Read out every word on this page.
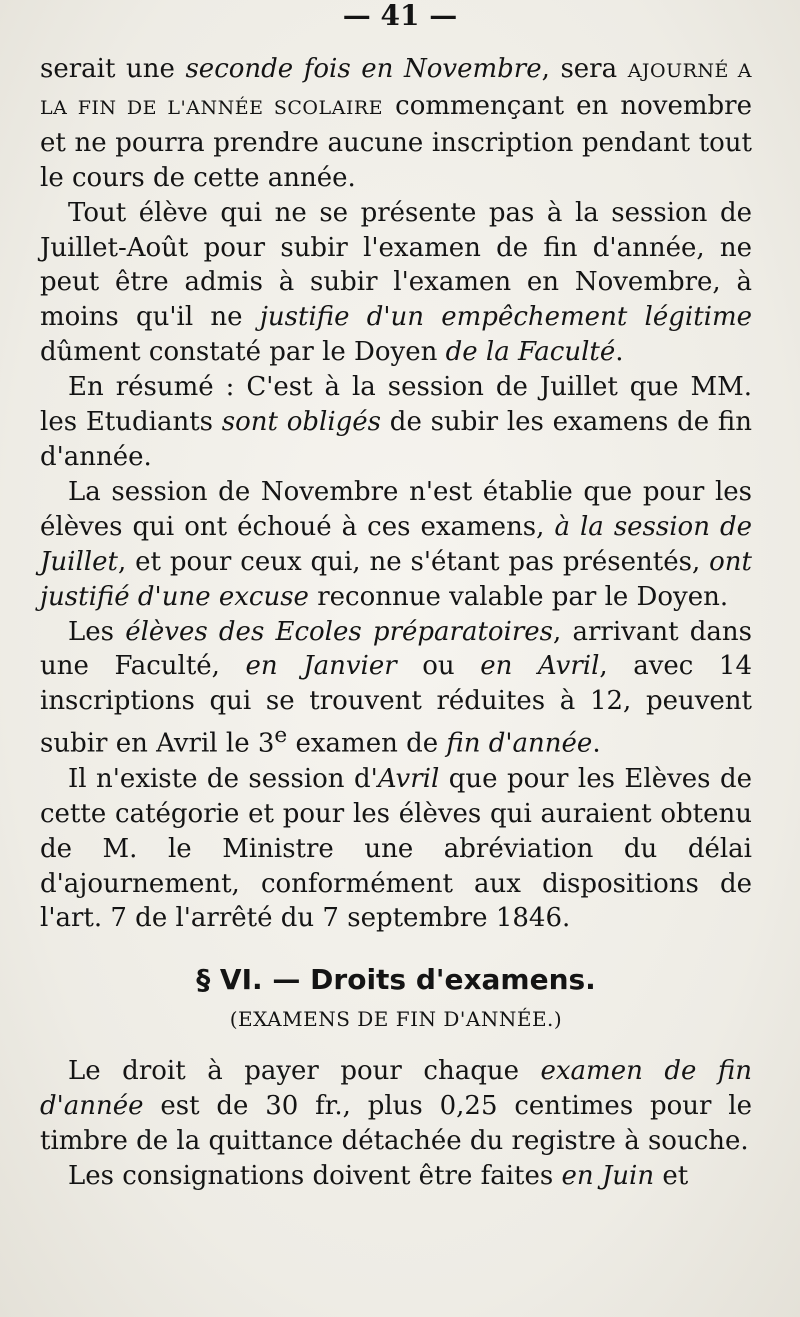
— 41 —

serait une seconde fois en Novembre, sera AJOURNÉ A LA FIN DE L'ANNÉE SCOLAIRE commençant en novembre et ne pourra prendre aucune inscription pendant tout le cours de cette année.

Tout élève qui ne se présente pas à la session de Juillet-Août pour subir l'examen de fin d'année, ne peut être admis à subir l'examen en Novembre, à moins qu'il ne justifie d'un empêchement légitime dûment constaté par le Doyen de la Faculté.

En résumé : C'est à la session de Juillet que MM. les Etudiants sont obligés de subir les examens de fin d'année.

La session de Novembre n'est établie que pour les élèves qui ont échoué à ces examens, à la session de Juillet, et pour ceux qui, ne s'étant pas présentés, ont justifié d'une excuse reconnue valable par le Doyen.

Les élèves des Ecoles préparatoires, arrivant dans une Faculté, en Janvier ou en Avril, avec 14 inscriptions qui se trouvent réduites à 12, peuvent subir en Avril le 3e examen de fin d'année.

Il n'existe de session d'Avril que pour les Elèves de cette catégorie et pour les élèves qui auraient obtenu de M. le Ministre une abréviation du délai d'ajournement, conformément aux dispositions de l'art. 7 de l'arrêté du 7 septembre 1846.

§ VI. — Droits d'examens.
(EXAMENS DE FIN D'ANNÉE.)

Le droit à payer pour chaque examen de fin d'année est de 30 fr., plus 0,25 centimes pour le timbre de la quittance détachée du registre à souche.

Les consignations doivent être faites en Juin et
